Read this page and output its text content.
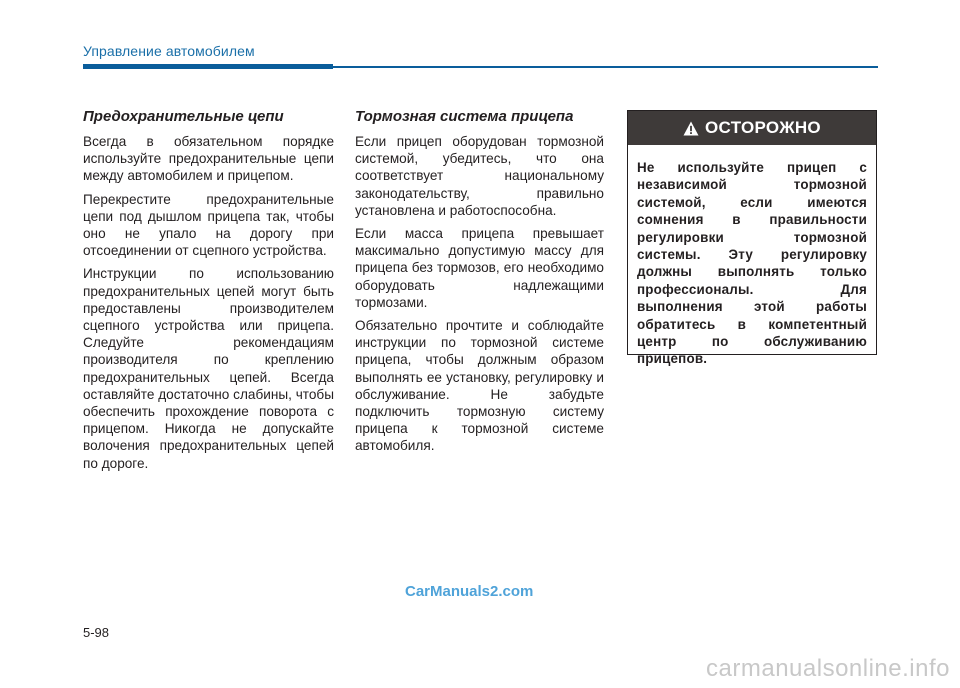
Управление автомобилем
Предохранительные цепи

Всегда в обязательном порядке используйте предохранительные цепи между автомобилем и прицепом.

Перекрестите предохранительные цепи под дышлом прицепа так, чтобы оно не упало на дорогу при отсоединении от сцепного устройства.

Инструкции по использованию предохранительных цепей могут быть предоставлены производителем сцепного устройства или прицепа. Следуйте рекомендациям производителя по креплению предохранительных цепей. Всегда оставляйте достаточно слабины, чтобы обеспечить прохождение поворота с прицепом. Никогда не допускайте волочения предохранительных цепей по дороге.

Тормозная система прицепа

Если прицеп оборудован тормозной системой, убедитесь, что она соответствует национальному законодательству, правильно установлена и работоспособна.

Если масса прицепа превышает максимально допустимую массу для прицепа без тормозов, его необходимо оборудовать надлежащими тормозами.

Обязательно прочтите и соблюдайте инструкции по тормозной системе прицепа, чтобы должным образом выполнять ее установку, регулировку и обслуживание. Не забудьте подключить тормозную систему прицепа к тормозной системе автомобиля.

ОСТОРОЖНО
Не используйте прицеп с независимой тормозной системой, если имеются сомнения в правильности регулировки тормозной системы. Эту регулировку должны выполнять только профессионалы. Для выполнения этой работы обратитесь в компетентный центр по обслуживанию прицепов.
CarManuals2.com
5-98
carmanualsonline.info
